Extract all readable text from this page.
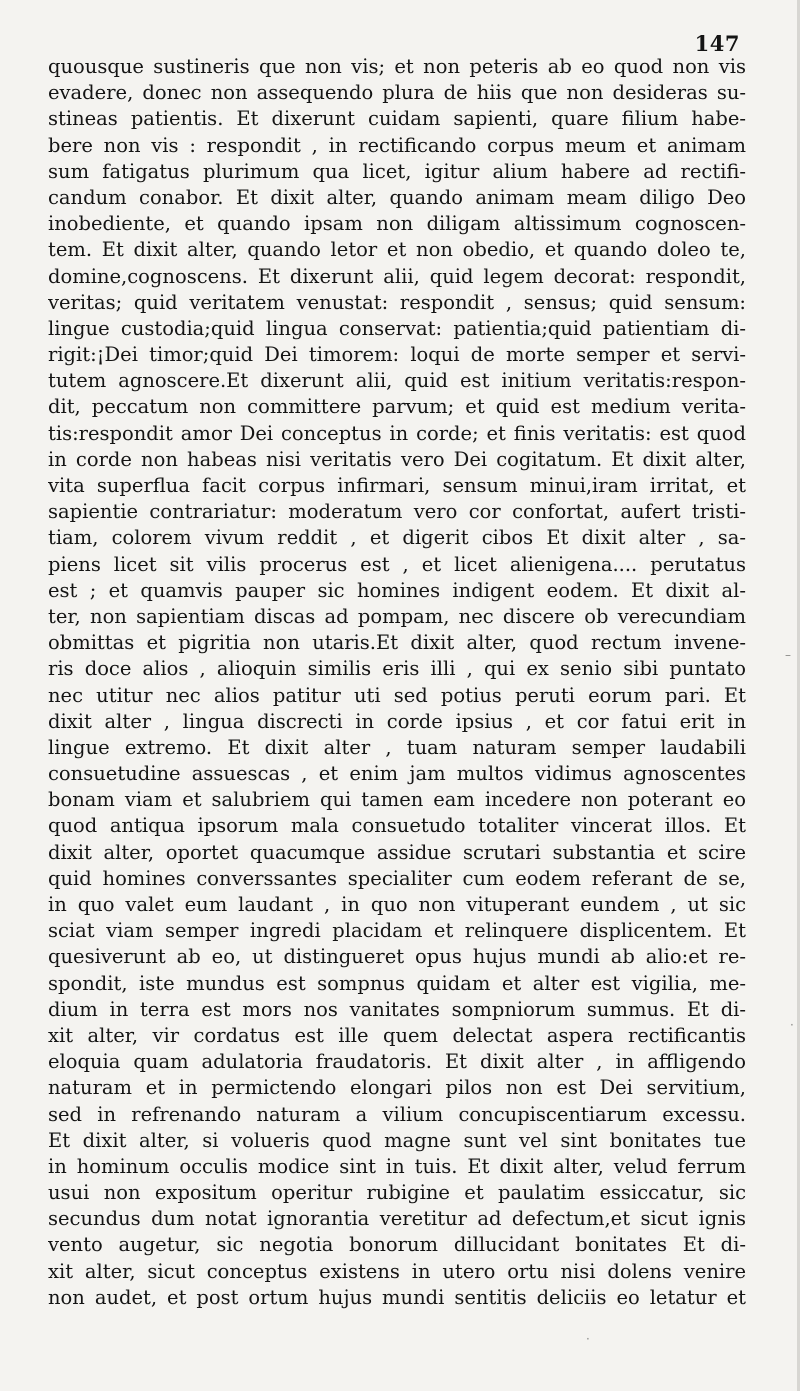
147
quousque sustineris que non vis; et non peteris ab eo quod non vis
evadere, donec non assequendo plura de hiis que non desideras su-
stineas patientis. Et dixerunt cuidam sapienti, quare filium habe-
bere non vis : respondit , in rectificando corpus meum et animam
sum fatigatus plurimum qua licet, igitur alium habere ad rectifi-
candum conabor. Et dixit alter, quando animam meam diligo Deo
inobediente, et quando ipsam non diligam altissimum cognoscen-
tem. Et dixit alter, quando letor et non obedio, et quando doleo te,
domine,cognoscens. Et dixerunt alii, quid legem decorat: respondit,
veritas; quid veritatem venustat: respondit , sensus; quid sensum:
lingue custodia;quid lingua conservat: patientia;quid patientiam di-
rigit:¡Dei timor;quid Dei timorem: loqui de morte semper et servi-
tutem agnoscere.Et dixerunt alii, quid est initium veritatis:respon-
dit, peccatum non committere parvum; et quid est medium verita-
tis:respondit amor Dei conceptus in corde; et finis veritatis: est quod
in corde non habeas nisi veritatis vero Dei cogitatum. Et dixit alter,
vita superflua facit corpus infirmari, sensum minui,iram irritat, et
sapientie contrariatur: moderatum vero cor confortat, aufert tristi-
tiam, colorem vivum reddit , et digerit cibos Et dixit alter , sa-
piens licet sit vilis procerus est , et licet alienigena.... perutatus
est ; et quamvis pauper sic homines indigent eodem. Et dixit al-
ter, non sapientiam discas ad pompam, nec discere ob verecundiam
obmittas et pigritia non utaris.Et dixit alter, quod rectum invene-
ris doce alios , alioquin similis eris illi , qui ex senio sibi puntato
nec utitur nec alios patitur uti sed potius peruti eorum pari. Et
dixit alter , lingua discrecti in corde ipsius , et cor fatui erit in
lingue extremo. Et dixit alter , tuam naturam semper laudabili
consuetudine assuescas , et enim jam multos vidimus agnoscentes
bonam viam et salubriem qui tamen eam incedere non poterant eo
quod antiqua ipsorum mala consuetudo totaliter vincerat illos. Et
dixit alter, oportet quacumque assidue scrutari substantia et scire
quid homines converssantes specialiter cum eodem referant de se,
in quo valet eum laudant , in quo non vituperant eundem , ut sic
sciat viam semper ingredi placidam et relinquere displicentem. Et
quesiverunt ab eo, ut distingueret opus hujus mundi ab alio:et re-
spondit, iste mundus est sompnus quidam et alter est vigilia, me-
dium in terra est mors nos vanitates sompniorum summus. Et di-
xit alter, vir cordatus est ille quem delectat aspera rectificantis
eloquia quam adulatoria fraudatoris. Et dixit alter , in affligendo
naturam et in permictendo elongari pilos non est Dei servitium,
sed in refrenando naturam a vilium concupiscentiarum excessu.
Et dixit alter, si volueris quod magne sunt vel sint bonitates tue
in hominum occulis modice sint in tuis. Et dixit alter, velud ferrum
usui non expositum operitur rubigine et paulatim essiccatur, sic
secundus dum notat ignorantia veretitur ad defectum,et sicut ignis
vento augetur, sic negotia bonorum dillucidant bonitates Et di-
xit alter, sicut conceptus existens in utero ortu nisi dolens venire
non audet, et post ortum hujus mundi sentitis deliciis eo letatur et
–
·
·
